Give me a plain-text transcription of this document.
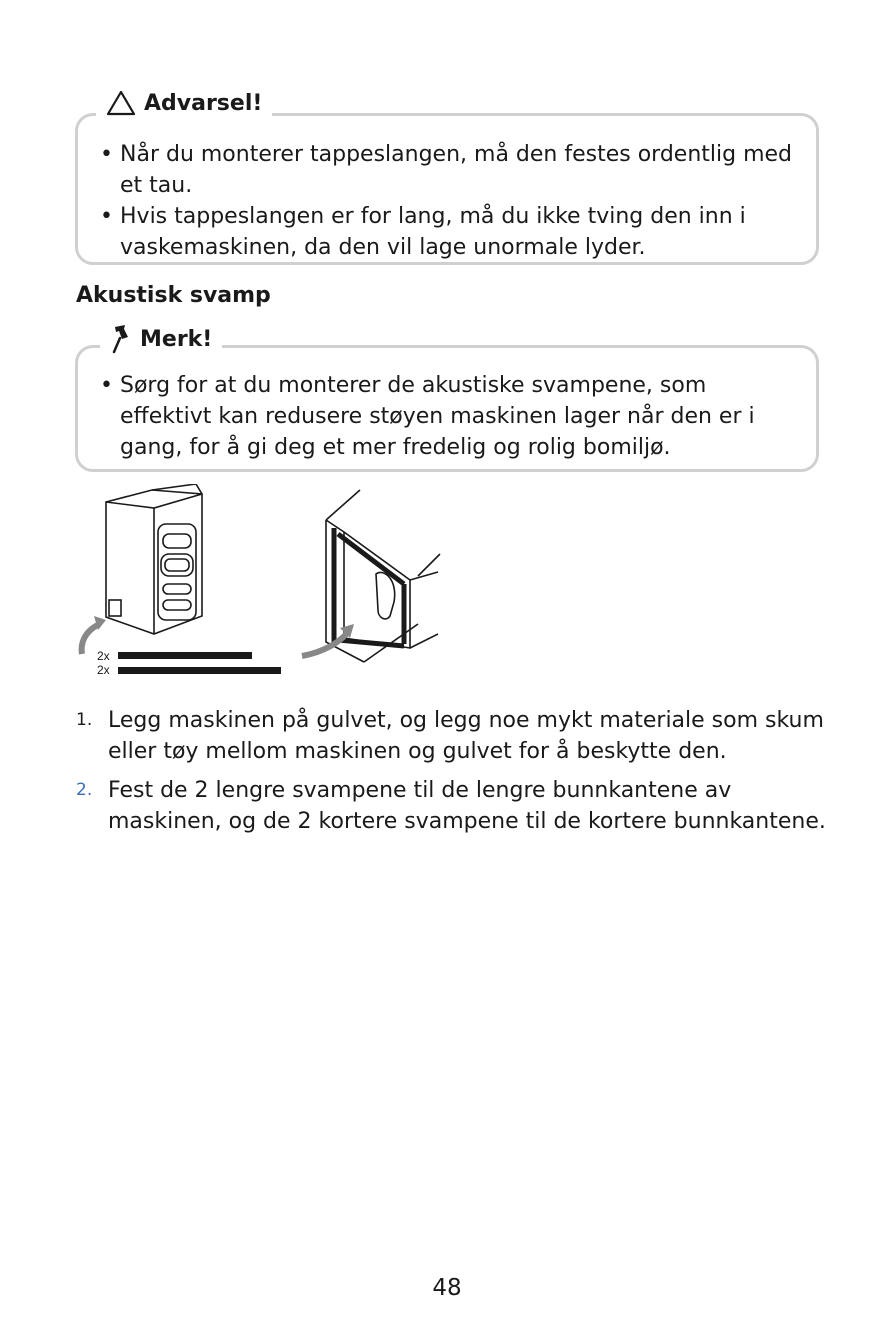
Advarsel!
• Når du monterer tappeslangen, må den festes ordentlig med et tau.
• Hvis tappeslangen er for lang, må du ikke tving den inn i vaskemaskinen, da den vil lage unormale lyder.
Akustisk svamp
Merk!
• Sørg for at du monterer de akustiske svampene, som effektivt kan redusere støyen maskinen lager når den er i gang, for å gi deg et mer fredelig og rolig bomiljø.
2x
2x
1. Legg maskinen på gulvet, og legg noe mykt materiale som skum eller tøy mellom maskinen og gulvet for å beskytte den.
2. Fest de 2 lengre svampene til de lengre bunnkantene av maskinen, og de 2 kortere svampene til de kortere bunnkantene.
48
